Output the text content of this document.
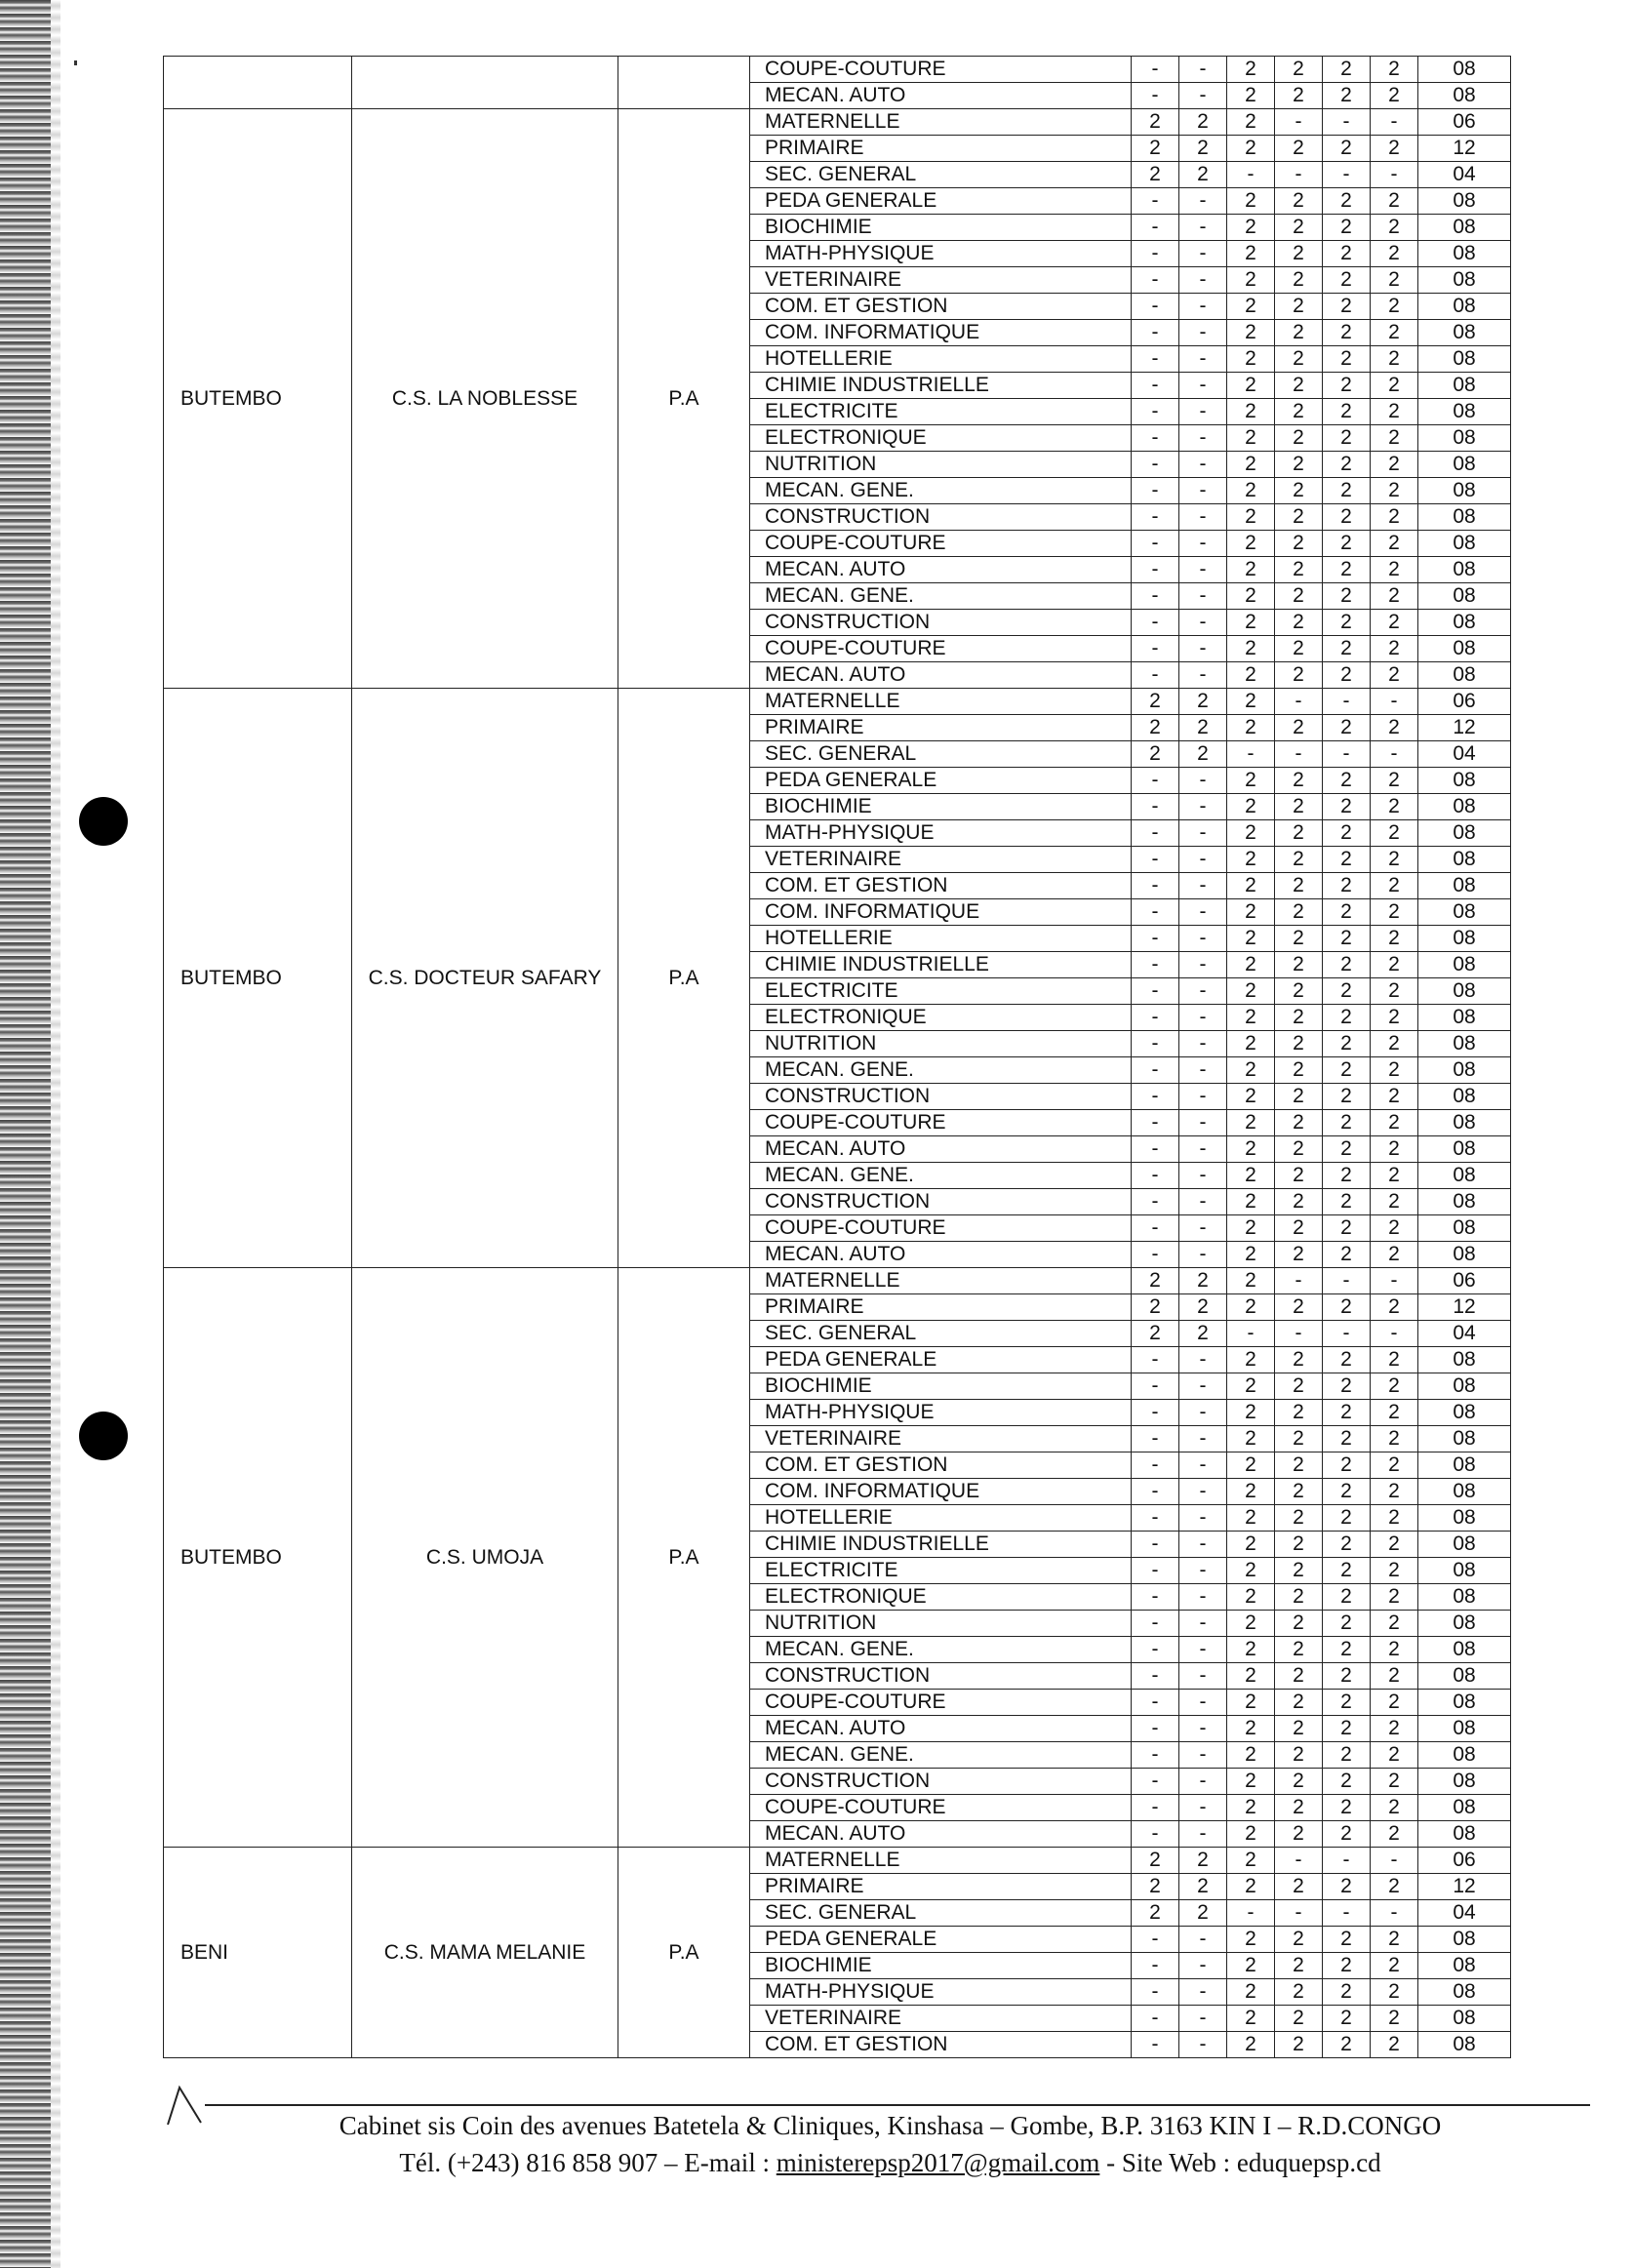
			COUPE-COUTURE	-	-	2	2	2	2	08
			MECAN. AUTO	-	-	2	2	2	2	08
BUTEMBO	C.S. LA NOBLESSE	P.A	MATERNELLE	2	2	2	-	-	-	06
			PRIMAIRE	2	2	2	2	2	2	12
			SEC. GENERAL	2	2	-	-	-	-	04
			PEDA GENERALE	-	-	2	2	2	2	08
			BIOCHIMIE	-	-	2	2	2	2	08
			MATH-PHYSIQUE	-	-	2	2	2	2	08
			VETERINAIRE	-	-	2	2	2	2	08
			COM. ET GESTION	-	-	2	2	2	2	08
			COM. INFORMATIQUE	-	-	2	2	2	2	08
			HOTELLERIE	-	-	2	2	2	2	08
			CHIMIE INDUSTRIELLE	-	-	2	2	2	2	08
			ELECTRICITE	-	-	2	2	2	2	08
			ELECTRONIQUE	-	-	2	2	2	2	08
			NUTRITION	-	-	2	2	2	2	08
			MECAN. GENE.	-	-	2	2	2	2	08
			CONSTRUCTION	-	-	2	2	2	2	08
			COUPE-COUTURE	-	-	2	2	2	2	08
			MECAN. AUTO	-	-	2	2	2	2	08
			MECAN. GENE.	-	-	2	2	2	2	08
			CONSTRUCTION	-	-	2	2	2	2	08
			COUPE-COUTURE	-	-	2	2	2	2	08
			MECAN. AUTO	-	-	2	2	2	2	08
BUTEMBO	C.S. DOCTEUR SAFARY	P.A	MATERNELLE	2	2	2	-	-	-	06
			PRIMAIRE	2	2	2	2	2	2	12
			SEC. GENERAL	2	2	-	-	-	-	04
			PEDA GENERALE	-	-	2	2	2	2	08
			BIOCHIMIE	-	-	2	2	2	2	08
			MATH-PHYSIQUE	-	-	2	2	2	2	08
			VETERINAIRE	-	-	2	2	2	2	08
			COM. ET GESTION	-	-	2	2	2	2	08
			COM. INFORMATIQUE	-	-	2	2	2	2	08
			HOTELLERIE	-	-	2	2	2	2	08
			CHIMIE INDUSTRIELLE	-	-	2	2	2	2	08
			ELECTRICITE	-	-	2	2	2	2	08
			ELECTRONIQUE	-	-	2	2	2	2	08
			NUTRITION	-	-	2	2	2	2	08
			MECAN. GENE.	-	-	2	2	2	2	08
			CONSTRUCTION	-	-	2	2	2	2	08
			COUPE-COUTURE	-	-	2	2	2	2	08
			MECAN. AUTO	-	-	2	2	2	2	08
			MECAN. GENE.	-	-	2	2	2	2	08
			CONSTRUCTION	-	-	2	2	2	2	08
			COUPE-COUTURE	-	-	2	2	2	2	08
			MECAN. AUTO	-	-	2	2	2	2	08
BUTEMBO	C.S. UMOJA	P.A	MATERNELLE	2	2	2	-	-	-	06
			PRIMAIRE	2	2	2	2	2	2	12
			SEC. GENERAL	2	2	-	-	-	-	04
			PEDA GENERALE	-	-	2	2	2	2	08
			BIOCHIMIE	-	-	2	2	2	2	08
			MATH-PHYSIQUE	-	-	2	2	2	2	08
			VETERINAIRE	-	-	2	2	2	2	08
			COM. ET GESTION	-	-	2	2	2	2	08
			COM. INFORMATIQUE	-	-	2	2	2	2	08
			HOTELLERIE	-	-	2	2	2	2	08
			CHIMIE INDUSTRIELLE	-	-	2	2	2	2	08
			ELECTRICITE	-	-	2	2	2	2	08
			ELECTRONIQUE	-	-	2	2	2	2	08
			NUTRITION	-	-	2	2	2	2	08
			MECAN. GENE.	-	-	2	2	2	2	08
			CONSTRUCTION	-	-	2	2	2	2	08
			COUPE-COUTURE	-	-	2	2	2	2	08
			MECAN. AUTO	-	-	2	2	2	2	08
			MECAN. GENE.	-	-	2	2	2	2	08
			CONSTRUCTION	-	-	2	2	2	2	08
			COUPE-COUTURE	-	-	2	2	2	2	08
			MECAN. AUTO	-	-	2	2	2	2	08
BENI	C.S. MAMA MELANIE	P.A	MATERNELLE	2	2	2	-	-	-	06
			PRIMAIRE	2	2	2	2	2	2	12
			SEC. GENERAL	2	2	-	-	-	-	04
			PEDA GENERALE	-	-	2	2	2	2	08
			BIOCHIMIE	-	-	2	2	2	2	08
			MATH-PHYSIQUE	-	-	2	2	2	2	08
			VETERINAIRE	-	-	2	2	2	2	08
			COM. ET GESTION	-	-	2	2	2	2	08
Cabinet sis Coin des avenues Batetela & Cliniques, Kinshasa – Gombe, B.P. 3163 KIN I – R.D.CONGO
Tél. (+243) 816 858 907 – E-mail : ministerepsp2017@gmail.com - Site Web : eduquepsp.cd
